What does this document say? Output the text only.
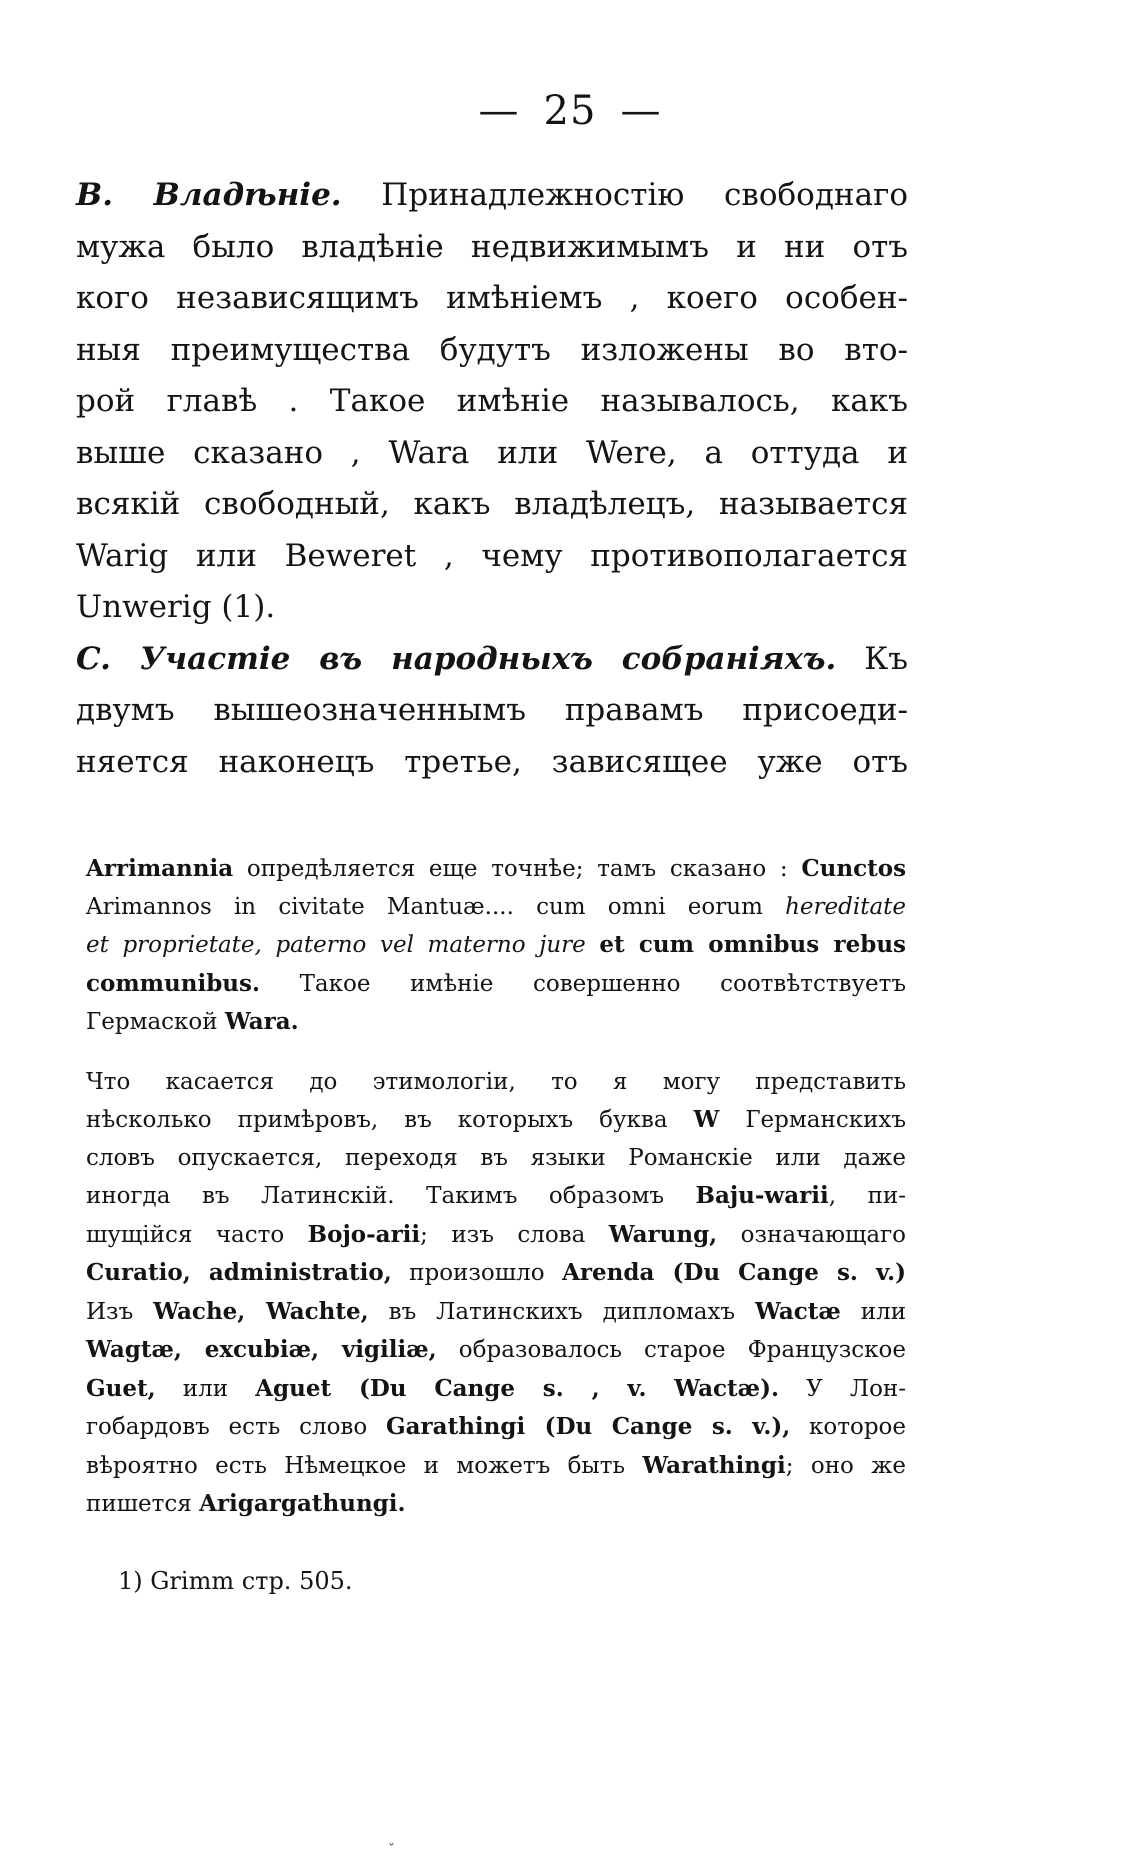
— 25 —
B. Владѣніе. Принадлежностію свободнаго
мужа было владѣніе недвижимымъ и ни отъ
кого независящимъ имѣніемъ , коего особен-
ныя преимущества будутъ изложены во вто-
рой главѣ . Такое имѣніе называлось, какъ
выше сказано , Wara или Were, а оттуда и
всякій свободный, какъ владѣлецъ, называется
Warig или Beweret , чему противополагается
Unwerig (1).
C. Участіе въ народныхъ собраніяхъ. Къ
двумъ вышеозначеннымъ правамъ присоеди-
няется наконецъ третье, зависящее уже отъ
Arrimannia опредѣляется еще точнѣе; тамъ сказано : Cunctos
Arimannos in civitate Mantuæ.... cum omni eorum hereditate
et proprietate, paterno vel materno jure et cum omnibus rebus
communibus. Такое имѣніе совершенно соотвѣтствуетъ
Гермаской Wara.
Что касается до этимологіи, то я могу представить
нѣсколько примѣровъ, въ которыхъ буква W Германскихъ
словъ опускается, переходя въ языки Романскіе или даже
иногда въ Латинскій. Такимъ образомъ Baju-warii, пи-
шущійся часто Bojo-arii; изъ слова Warung, означающаго
Curatio, administratio, произошло Arenda (Du Cange s. v.)
Изъ Wache, Wachte, въ Латинскихъ дипломахъ Wactæ или
Wagtæ, excubiæ, vigiliæ, образовалось старое Французское
Guet, или Aguet (Du Cange s. , v. Wactæ). У Лон-
гобардовъ есть слово Garathingi (Du Cange s. v.), которое
вѣроятно есть Нѣмецкое и можетъ быть Warathingi; оно же
пишется Arigargathungi.
1) Grimm стр. 505.
ˇ
